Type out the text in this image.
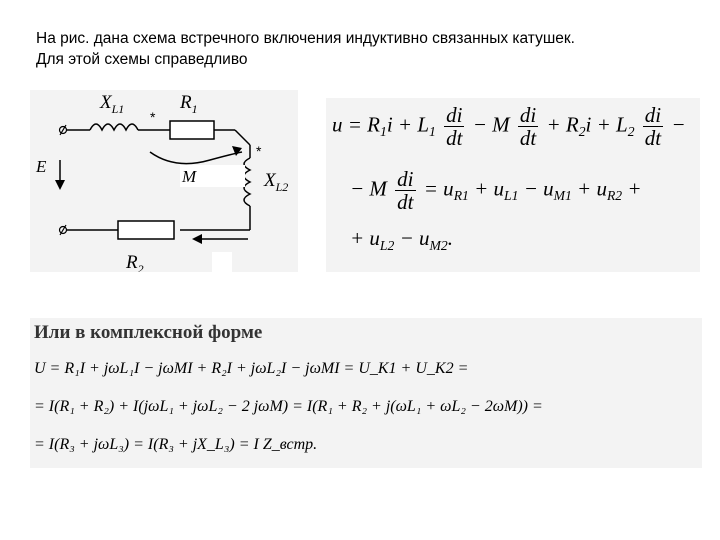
На рис. дана схема встречного включения индуктивно связанных катушек.
Для этой схемы справедливо
$X_{L1}$	$R_1$
*
*
E
M	$X_{L2}$
$R_2$
$u = R_1i + L_1 \frac{di}{dt} - M \frac{di}{dt} + R_2i + L_2 \frac{di}{dt}$ −
− M $\frac{di}{dt} = u_{R1} + u_{L1} - u_{M1} + u_{R2}$ +
+ $u_{L2} - u_{M2}$.
Или в комплексной форме
U = R₁I + jωL₁I − jωMI + R₂I + jωL₂I − jωMI = U_K1 + U_K2 =
= I(R₁ + R₂) + I(jωL₁ + jωL₂ − 2 jωM) = I(R₁ + R₂ + j(ωL₁ + ωL₂ − 2ωM)) =
= I(R₃ + jωL₃) = I(R₃ + jX_L₃) = I Z_встр.
